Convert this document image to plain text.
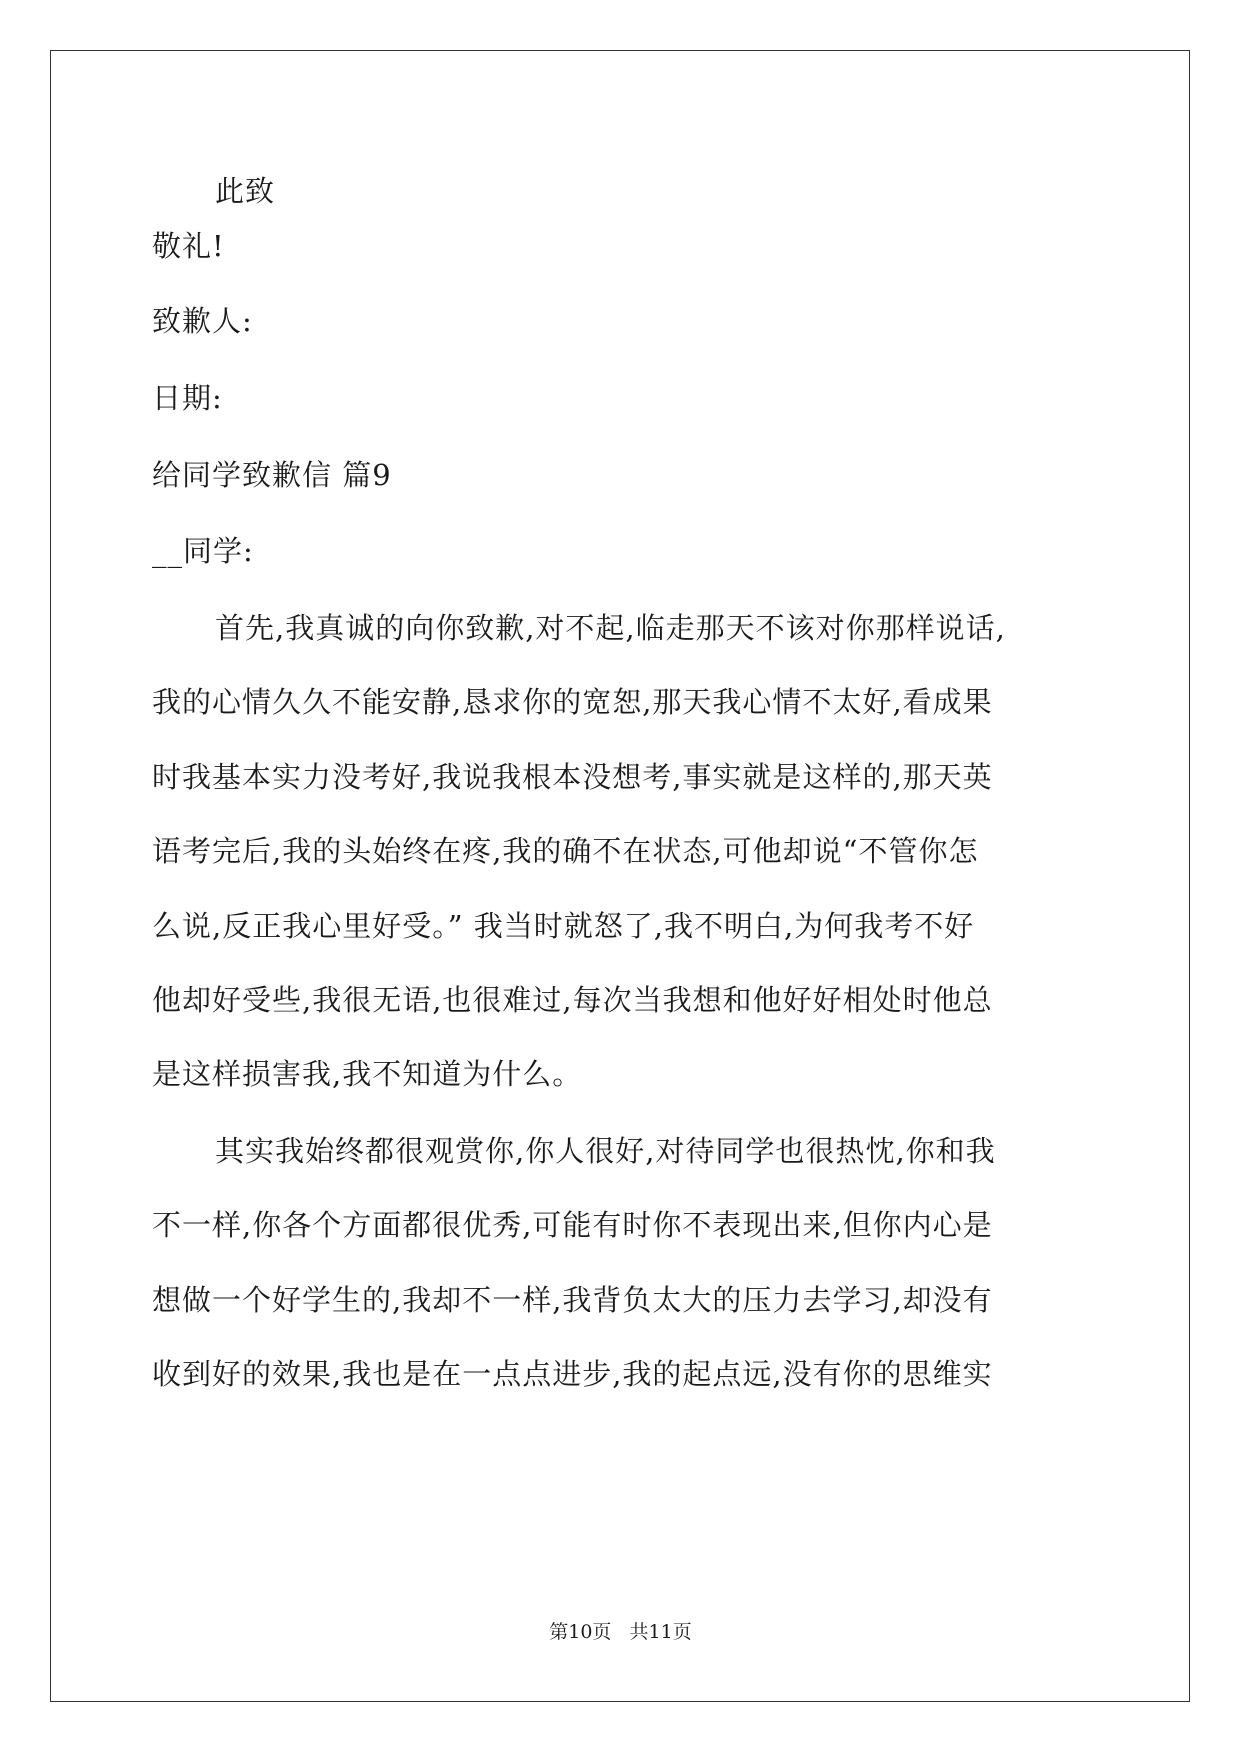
此致
敬礼!
致歉人:
日期:
给同学致歉信 篇9
__同学:
首先,我真诚的向你致歉,对不起,临走那天不该对你那样说话,
我的心情久久不能安静,恳求你的宽恕,那天我心情不太好,看成果
时我基本实力没考好,我说我根本没想考,事实就是这样的,那天英
语考完后,我的头始终在疼,我的确不在状态,可他却说“不管你怎
么说,反正我心里好受。” 我当时就怒了,我不明白,为何我考不好
他却好受些,我很无语,也很难过,每次当我想和他好好相处时他总
是这样损害我,我不知道为什么。
其实我始终都很观赏你,你人很好,对待同学也很热忱,你和我
不一样,你各个方面都很优秀,可能有时你不表现出来,但你内心是
想做一个好学生的,我却不一样,我背负太大的压力去学习,却没有
收到好的效果,我也是在一点点进步,我的起点远,没有你的思维实
第10页   共11页
